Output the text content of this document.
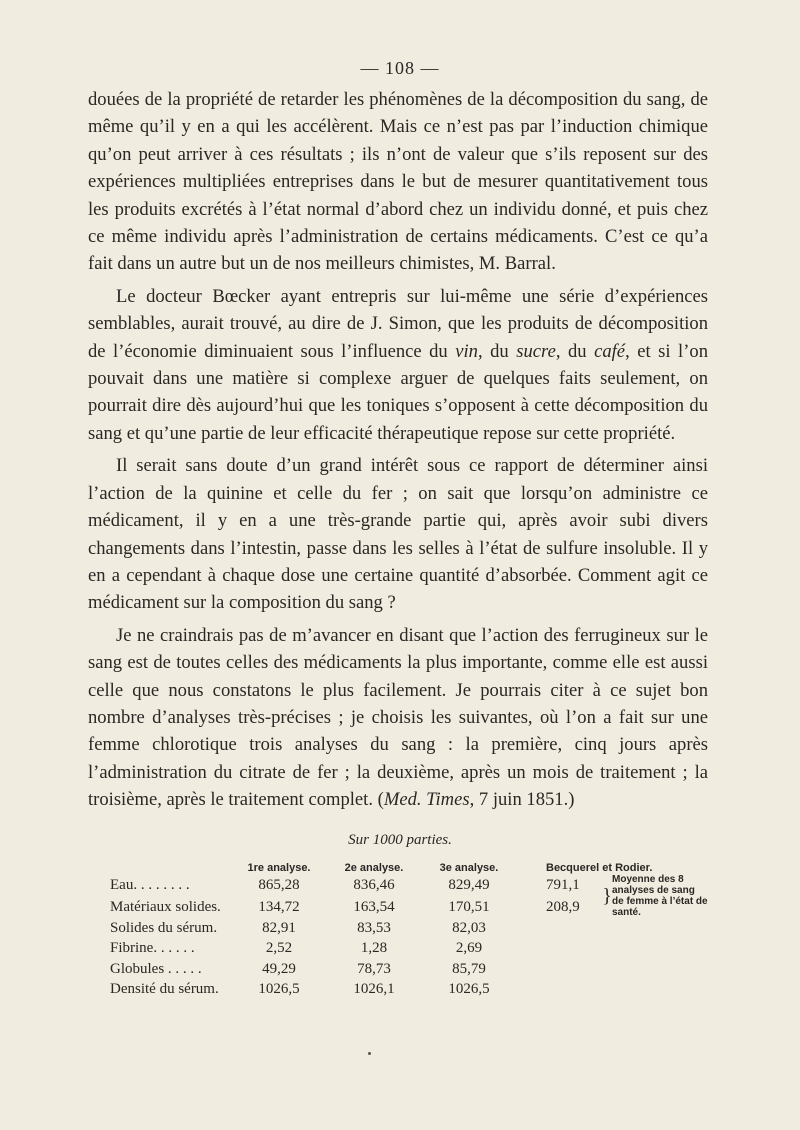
— 108 —

douées de la propriété de retarder les phénomènes de la décomposition du sang, de même qu’il y en a qui les accélèrent. Mais ce n’est pas par l’induction chimique qu’on peut arriver à ces résultats ; ils n’ont de valeur que s’ils reposent sur des expériences multipliées entreprises dans le but de mesurer quantitativement tous les produits excrétés à l’état normal d’abord chez un individu donné, et puis chez ce même individu après l’administration de certains médicaments. C’est ce qu’a fait dans un autre but un de nos meilleurs chimistes, M. Barral.

Le docteur Bœcker ayant entrepris sur lui-même une série d’expériences semblables, aurait trouvé, au dire de J. Simon, que les produits de décomposition de l’économie diminuaient sous l’influence du vin, du sucre, du café, et si l’on pouvait dans une matière si complexe arguer de quelques faits seulement, on pourrait dire dès aujourd’hui que les toniques s’opposent à cette décomposition du sang et qu’une partie de leur efficacité thérapeutique repose sur cette propriété.

Il serait sans doute d’un grand intérêt sous ce rapport de déterminer ainsi l’action de la quinine et celle du fer ; on sait que lorsqu’on administre ce médicament, il y en a une très-grande partie qui, après avoir subi divers changements dans l’intestin, passe dans les selles à l’état de sulfure insoluble. Il y en a cependant à chaque dose une certaine quantité d’absorbée. Comment agit ce médicament sur la composition du sang ?

Je ne craindrais pas de m’avancer en disant que l’action des ferrugineux sur le sang est de toutes celles des médicaments la plus importante, comme elle est aussi celle que nous constatons le plus facilement. Je pourrais citer à ce sujet bon nombre d’analyses très-précises ; je choisis les suivantes, où l’on a fait sur une femme chlorotique trois analyses du sang : la première, cinq jours après l’administration du citrate de fer ; la deuxième, après un mois de traitement ; la troisième, après le traitement complet. (Med. Times, 7 juin 1851.)

Sur 1000 parties.
	1re analyse.	2e analyse.	3e analyse.		Becquerel et Rodier.		
Eau. . . . . . . .	865,28	836,46	829,49		791,1	}	Moyenne des 8 analyses de sang de femme à l’état de santé.
Matériaux solides.	134,72	163,54	170,51		208,9		
Solides du sérum.	82,91	83,53	82,03				
Fibrine. . . . . .	2,52	1,28	2,69				
Globules . . . . .	49,29	78,73	85,79				
Densité du sérum.	1026,5	1026,1	1026,5				
